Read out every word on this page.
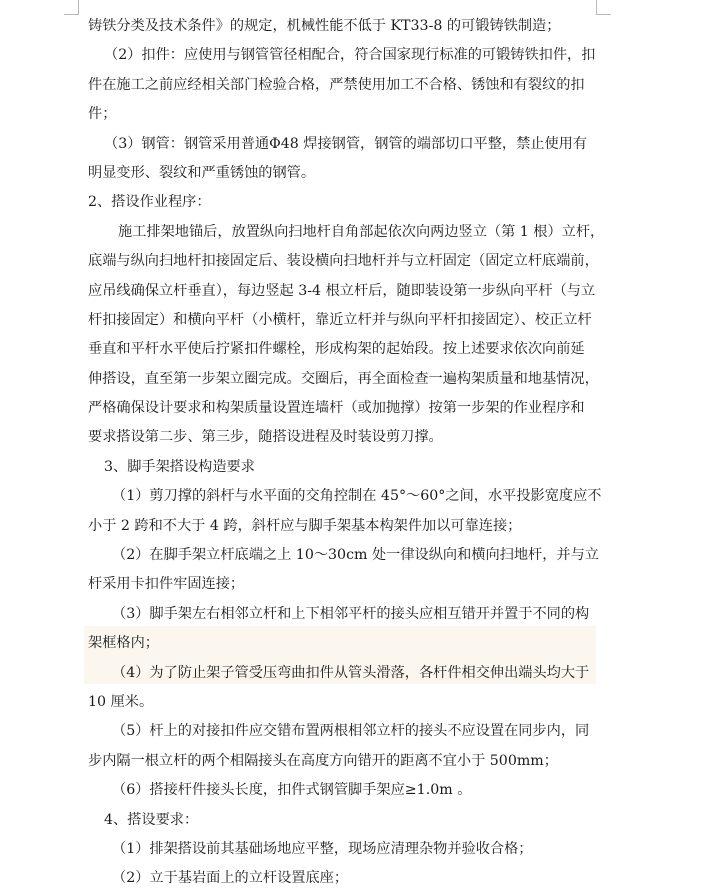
铸铁分类及技术条件》的规定，机械性能不低于 KT33-8 的可锻铸铁制造；
（2）扣件：应使用与钢管管径相配合，符合国家现行标准的可锻铸铁扣件，扣
件在施工之前应经相关部门检验合格，严禁使用加工不合格、锈蚀和有裂纹的扣
件；
（3）钢管：钢管采用普通Φ48 焊接钢管，钢管的端部切口平整，禁止使用有
明显变形、裂纹和严重锈蚀的钢管。
2、搭设作业程序：
施工排架地锚后，放置纵向扫地杆自角部起依次向两边竖立（第 1 根）立杆，
底端与纵向扫地杆扣接固定后、装设横向扫地杆并与立杆固定（固定立杆底端前，
应吊线确保立杆垂直），每边竖起 3-4 根立杆后，随即装设第一步纵向平杆（与立
杆扣接固定）和横向平杆（小横杆，靠近立杆并与纵向平杆扣接固定）、校正立杆
垂直和平杆水平使后拧紧扣件螺栓，形成构架的起始段。按上述要求依次向前延
伸搭设，直至第一步架立圈完成。交圈后，再全面检查一遍构架质量和地基情况，
严格确保设计要求和构架质量设置连墙杆（或加抛撑）按第一步架的作业程序和
要求搭设第二步、第三步，随搭设进程及时装设剪刀撑。
3、脚手架搭设构造要求
（1）剪刀撑的斜杆与水平面的交角控制在 45°～60°之间，水平投影宽度应不
小于 2 跨和不大于 4 跨，斜杆应与脚手架基本构架件加以可靠连接；
（2）在脚手架立杆底端之上 10～30cm 处一律设纵向和横向扫地杆，并与立
杆采用卡扣件牢固连接；
（3）脚手架左右相邻立杆和上下相邻平杆的接头应相互错开并置于不同的构
架框格内；
（4）为了防止架子管受压弯曲扣件从管头滑落，各杆件相交伸出端头均大于
10 厘米。
（5）杆上的对接扣件应交错布置两根相邻立杆的接头不应设置在同步内，同
步内隔一根立杆的两个相隔接头在高度方向错开的距离不宜小于 500mm；
（6）搭接杆件接头长度，扣件式钢管脚手架应≥1.0m 。
4、搭设要求：
（1）排架搭设前其基础场地应平整，现场应清理杂物并验收合格；
（2）立于基岩面上的立杆设置底座；
